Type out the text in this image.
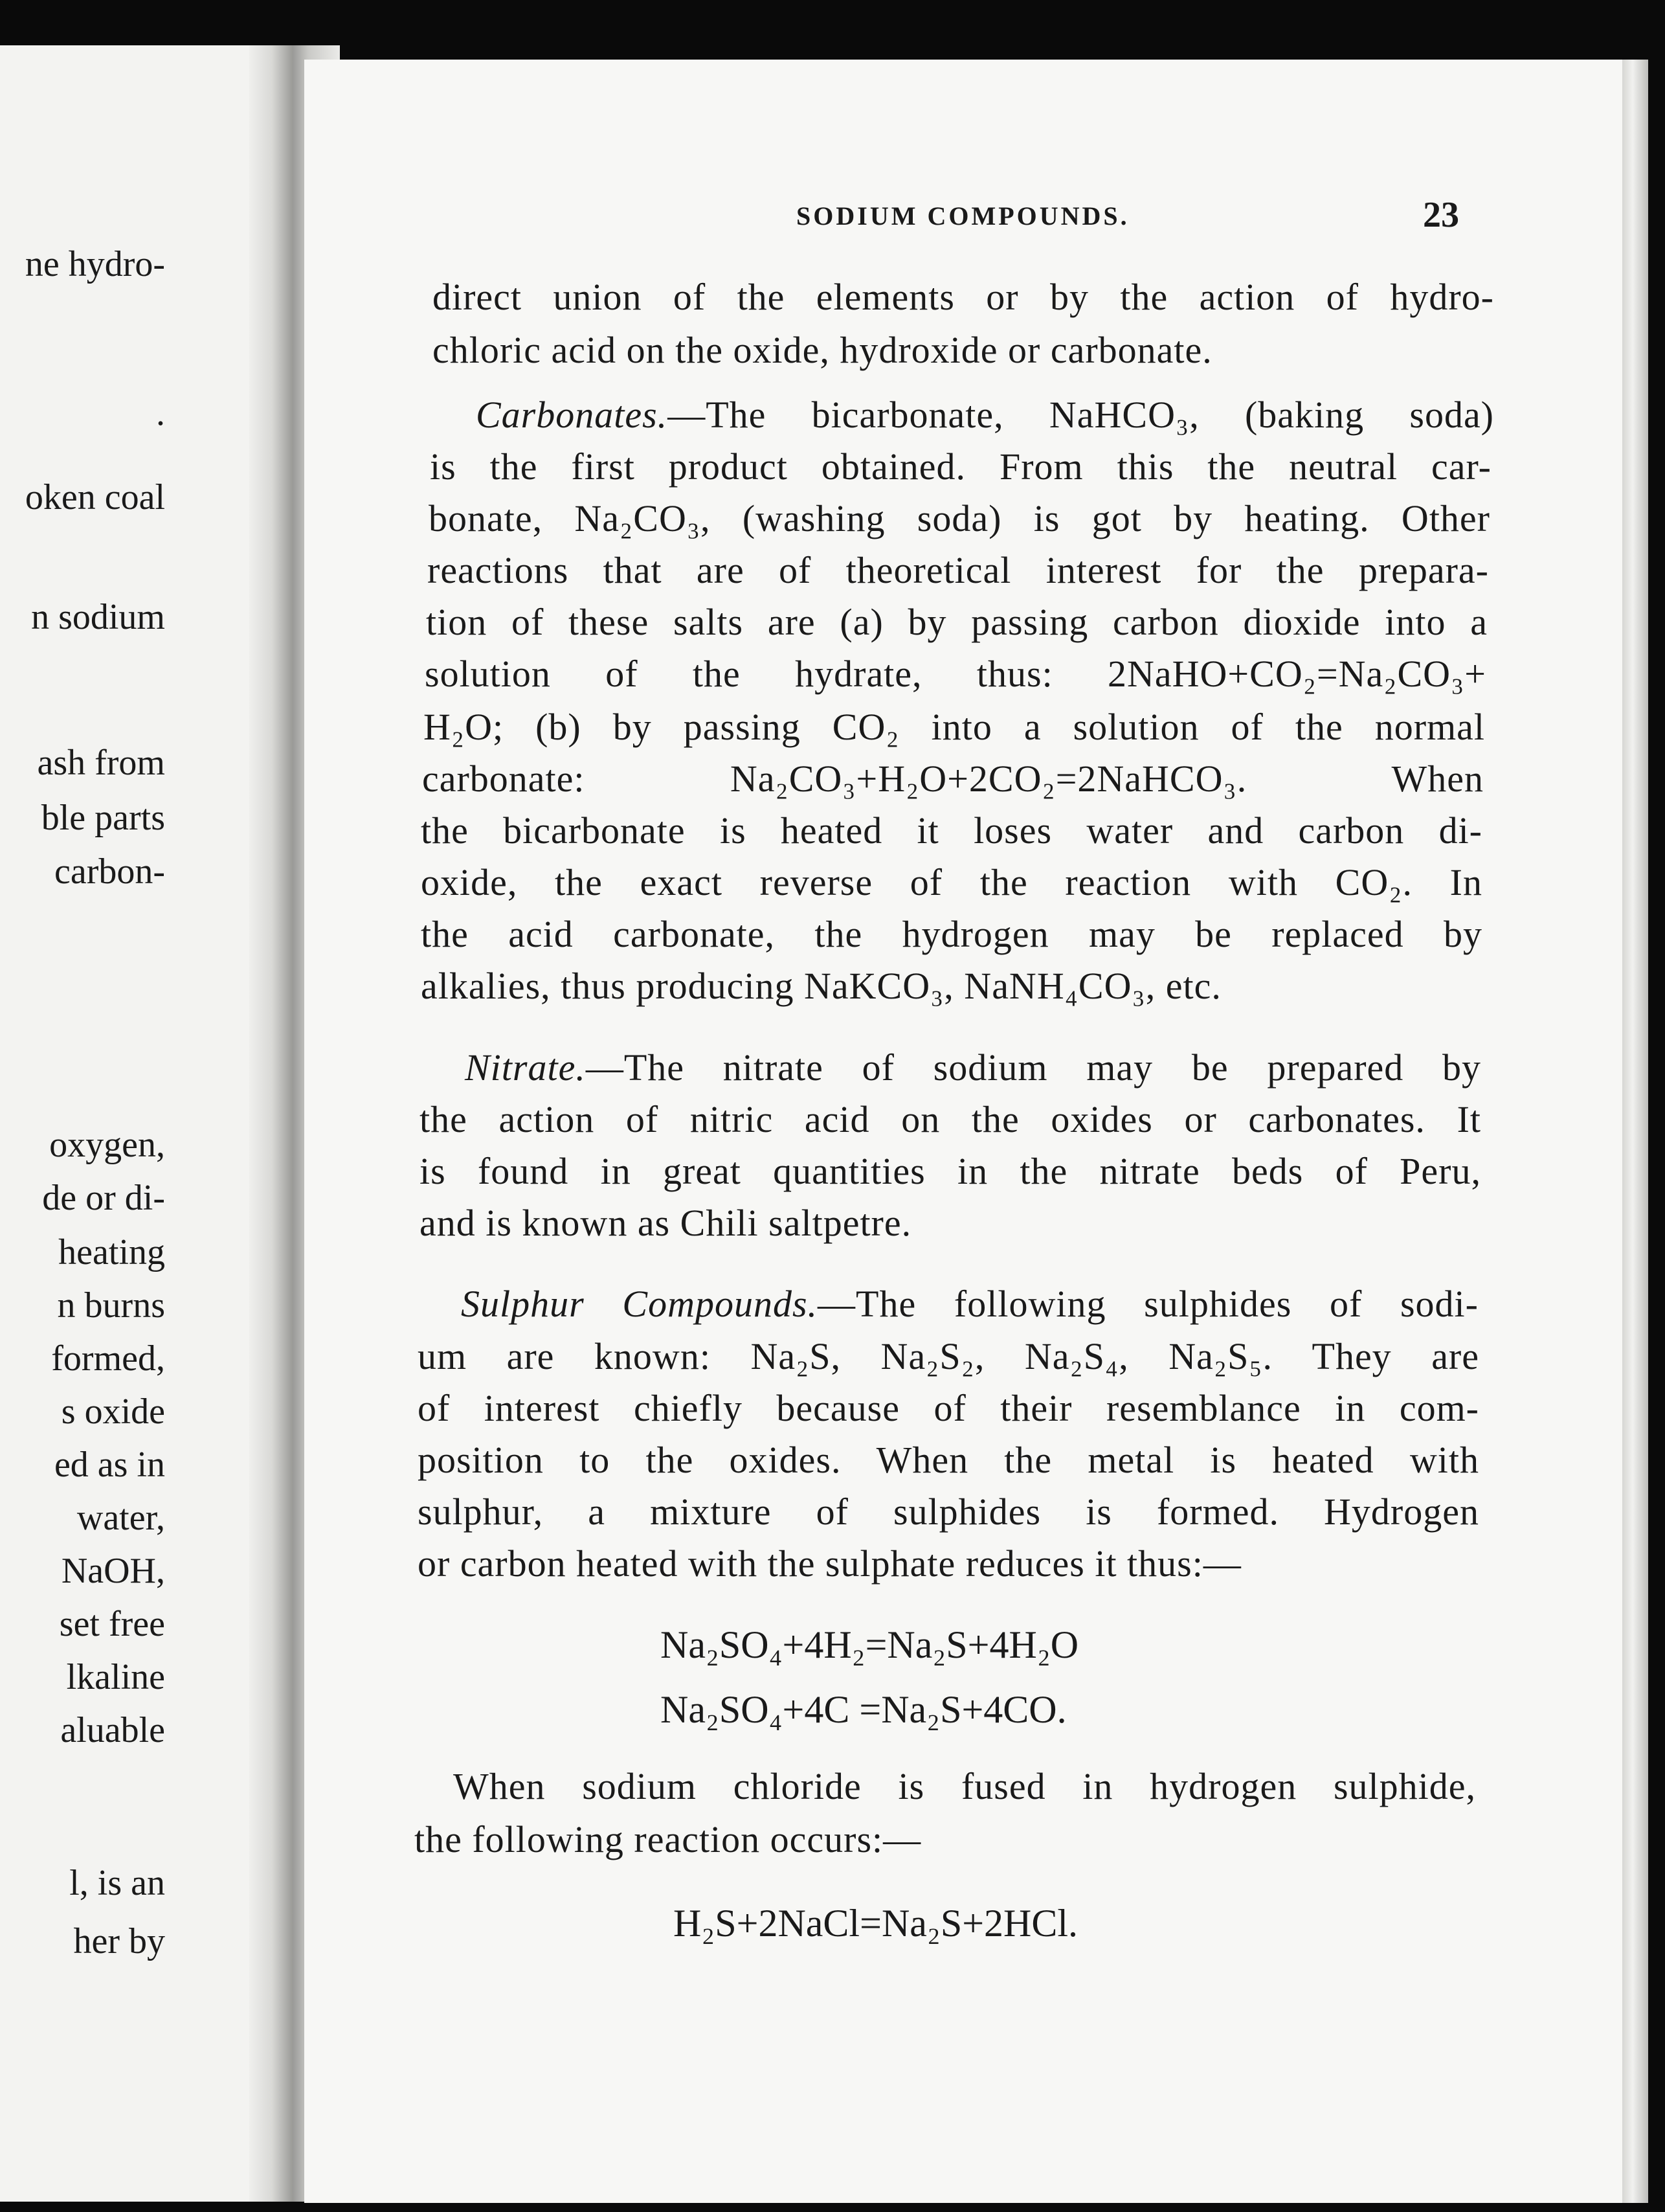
ne hydro-

.

oken coal

n sodium

ash from

ble parts

carbon-

oxygen,

de or di-

heating

n burns

formed,

s oxide

ed as in

water,

NaOH,

set free

lkaline

aluable

l, is an

her by

SODIUM COMPOUNDS.	23

direct union of the elements or by the action of hydro-

chloric acid on the oxide, hydroxide or carbonate.

Carbonates.—The bicarbonate, NaHCO₃, (baking soda)

is the first product obtained. From this the neutral car-

bonate, Na₂CO₃, (washing soda) is got by heating. Other

reactions that are of theoretical interest for the prepara-

tion of these salts are (a) by passing carbon dioxide into a

solution of the hydrate, thus: 2NaHO+CO₂=Na₂CO₃+

H₂O; (b) by passing CO₂ into a solution of the normal

carbonate: Na₂CO₃+H₂O+2CO₂=2NaHCO₃. When

the bicarbonate is heated it loses water and carbon di-

oxide, the exact reverse of the reaction with CO₂. In

the acid carbonate, the hydrogen may be replaced by

alkalies, thus producing NaKCO₃, NaNH₄CO₃, etc.

Nitrate.—The nitrate of sodium may be prepared by

the action of nitric acid on the oxides or carbonates. It

is found in great quantities in the nitrate beds of Peru,

and is known as Chili saltpetre.

Sulphur Compounds.—The following sulphides of sodi-

um are known: Na₂S, Na₂S₂, Na₂S₄, Na₂S₅. They are

of interest chiefly because of their resemblance in com-

position to the oxides. When the metal is heated with

sulphur, a mixture of sulphides is formed. Hydrogen

or carbon heated with the sulphate reduces it thus:—

Na₂SO₄+4H₂=Na₂S+4H₂O

Na₂SO₄+4C =Na₂S+4CO.

When sodium chloride is fused in hydrogen sulphide,

the following reaction occurs:—

H₂S+2NaCl=Na₂S+2HCl.
